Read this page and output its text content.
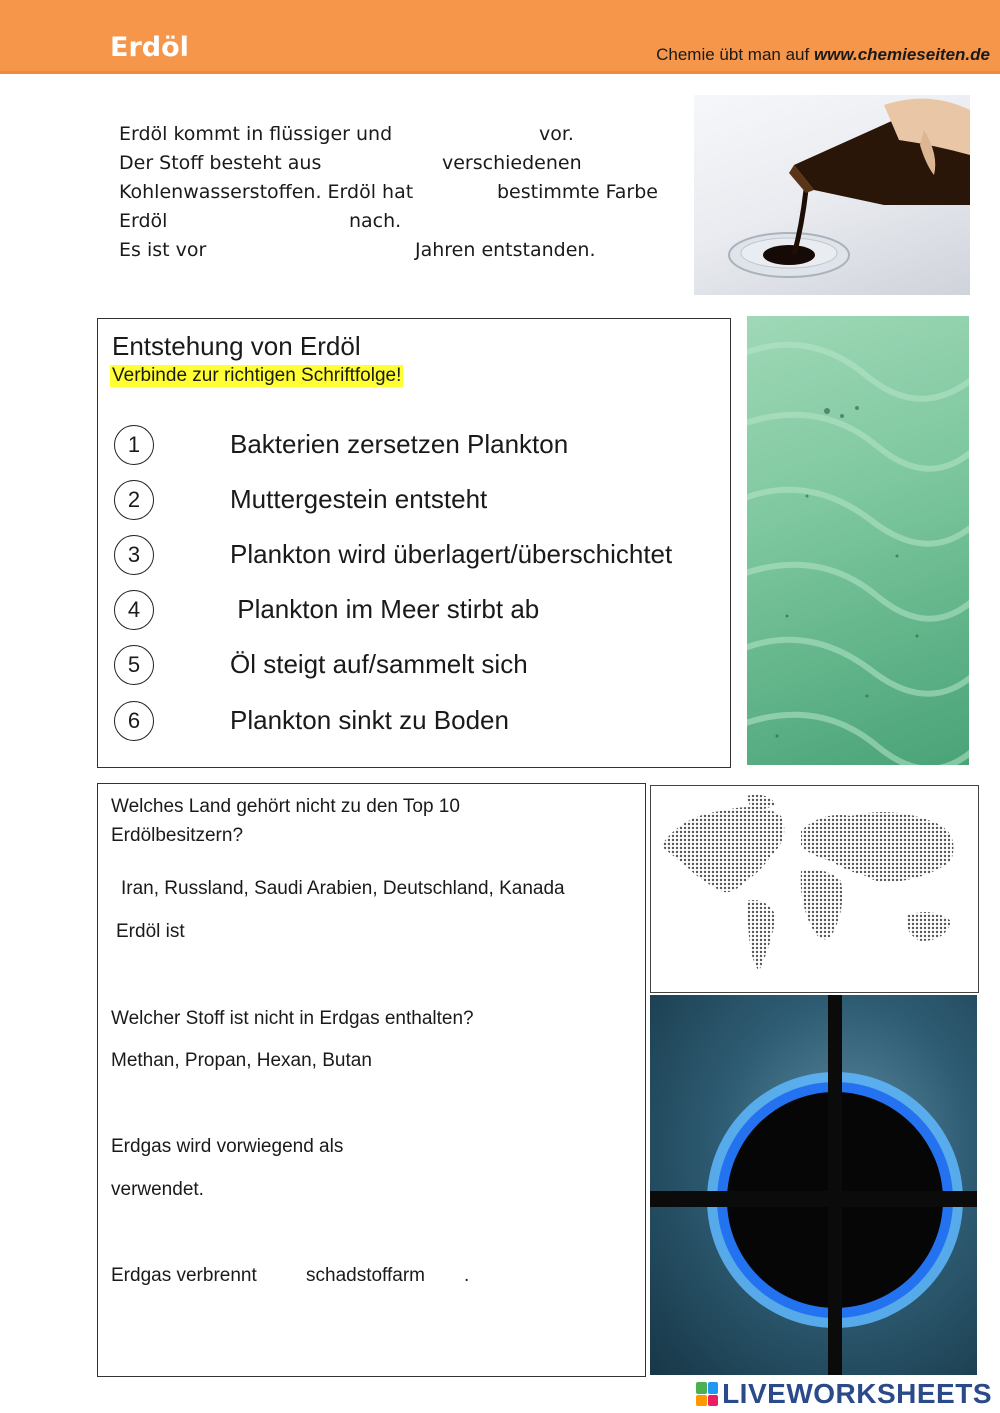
Erdöl	Chemie übt man auf www.chemieseiten.de
Erdöl kommt in flüssiger und	vor.
Der Stoff besteht aus	verschiedenen
Kohlenwasserstoffen. Erdöl hat	bestimmte Farbe
Erdöl	nach.
Es ist vor	Jahren entstanden.
Entstehung von Erdöl
Verbinde zur richtigen Schriftfolge!
1	Bakterien zersetzen Plankton
2	Muttergestein entsteht
3	Plankton wird überlagert/überschichtet
4	Plankton im Meer stirbt ab
5	Öl steigt auf/sammelt sich
6	Plankton sinkt zu Boden
Welches Land gehört nicht zu den Top 10
Erdölbesitzern?
Iran, Russland, Saudi Arabien, Deutschland, Kanada
Erdöl ist
Welcher Stoff ist nicht in Erdgas enthalten?
Methan, Propan, Hexan, Butan
Erdgas wird vorwiegend als
verwendet.
Erdgas verbrennt	schadstoffarm .
LIVEWORKSHEETS
